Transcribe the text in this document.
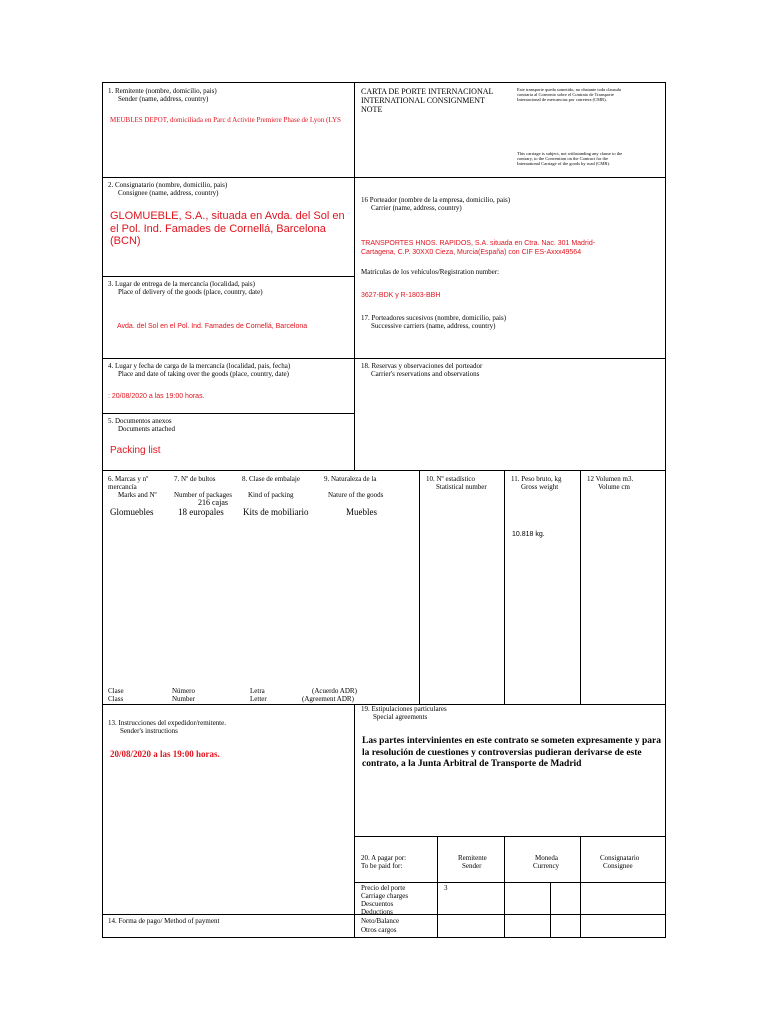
1. Remitente (nombre, domicilio, pais)
Sender (name, address, country)
MEUBLES DEPOT, domiciliada en Parc d Activite Premiere Phase de Lyon (LYS
CARTA DE PORTE INTERNACIONAL
INTERNATIONAL CONSIGNMENT
NOTE
Este transporte queda sometido, no obstante toda clausula contraria al Convenio sobre el Contrato de Transporte Internacional de mercancias por carretera (CMR).
This carriage is subject, not withstanding any clause to the contrary, to the Convention on the Contract for the International Carriage of the goods by road (CMR).
2. Consignatario (nombre, domicilio, pais)
Consignee (name, address, country)
GLOMUEBLE, S.A., situada en Avda. del Sol en el Pol. Ind. Famades de Cornellá, Barcelona (BCN)
16 Porteador (nombre de la empresa, domicilio, pais)
Carrier (name, address, country)
TRANSPORTES HNOS. RAPIDOS, S.A. situada en Ctra. Nac. 301 Madrid-Cartagena, C.P. 30XX0 Cieza, Murcia(España) con CIF ES-Axxx49564
Matrículas de los vehículos/Registration number:
3627-BDK y R-1803-BBH
3. Lugar de entrega de la mercancía (localidad, pais)
Place of delivery of the goods (place, country, date)
Avda. del Sol en el Pol. Ind. Famades de Cornellá, Barcelona
17. Porteadores sucesivos (nombre, domicilio, pais)
Successive carriers (name, address, country)
4. Lugar y fecha de carga de la mercancía (localidad, pais, fecha)
Place and date of taking over the goods (place, country, date)
: 20/08/2020 a las 19:00 horas.
18. Reservas y observaciones del porteador
Carrier's reservations and observations
5. Documentos anexos
Documents attached
Packing list
6. Marcas y nº
mercancía
Marks and Nº
7. Nº de bultos
Number of packages
216 cajas
8. Clase de embalaje
Kind of packing
9. Naturaleza de la
Nature of the goods
10. Nº estadístico
Statistical number
11. Peso bruto, kg
Gross weight
12 Volumen m3.
Volume cm
Glomuebles	18 europales Kits de mobiliario	Muebles
10.818 kg.
Clase
Class
Número
Number
Letra
Letter
(Acuerdo ADR)
(Agreement ADR)
13. Instrucciones del expedidor/remitente.
Sender's instructions
20/08/2020 a las 19:00 horas.
19. Estipulaciones particulares
Special agreements
Las partes intervinientes en este contrato se someten expresamente y para la resolución de cuestiones y controversias pudieran derivarse de este contrato, a la Junta Arbitral de Transporte de Madrid
20. A pagar por:
To be paid for:
Remitente
Sender
Moneda
Currency
Consignatario
Consignee
Precio del porte
Carriage charges
Descuentos
Deductions
Neto/Balance
Otros cargos
3
14. Forma de pago/ Method of payment
